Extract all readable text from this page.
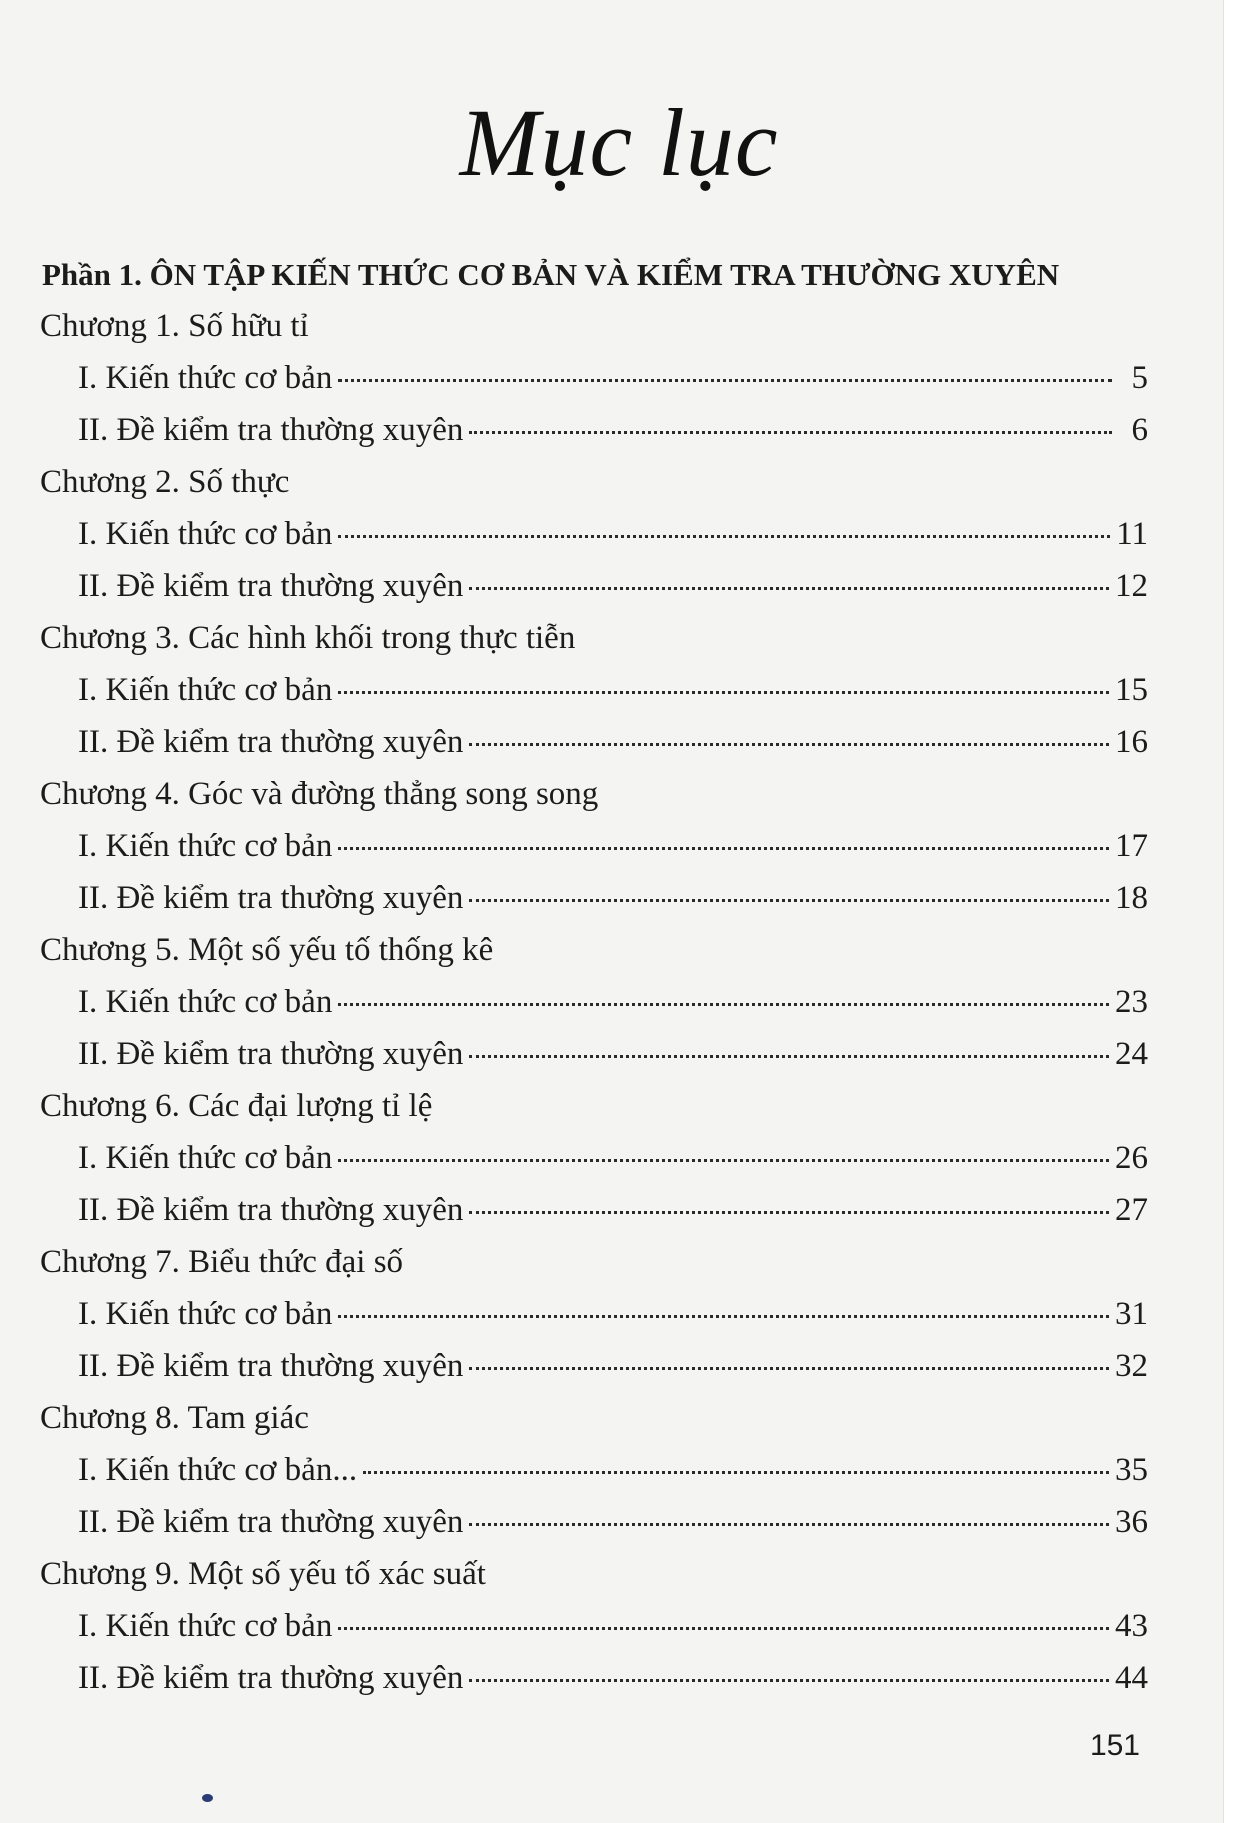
Mục lục
Phần 1. ÔN TẬP KIẾN THỨC CƠ BẢN VÀ KIỂM TRA THƯỜNG XUYÊN
Chương 1. Số hữu tỉ
I. Kiến thức cơ bản	5
II. Đề kiểm tra thường xuyên	6
Chương 2. Số thực
I. Kiến thức cơ bản	11
II. Đề kiểm tra thường xuyên	12
Chương 3. Các hình khối trong thực tiễn
I. Kiến thức cơ bản	15
II. Đề kiểm tra thường xuyên	16
Chương 4. Góc và đường thẳng song song
I. Kiến thức cơ bản	17
II. Đề kiểm tra thường xuyên	18
Chương 5. Một số yếu tố thống kê
I. Kiến thức cơ bản	23
II. Đề kiểm tra thường xuyên	24
Chương 6. Các đại lượng tỉ lệ
I. Kiến thức cơ bản	26
II. Đề kiểm tra thường xuyên	27
Chương 7. Biểu thức đại số
I. Kiến thức cơ bản	31
II. Đề kiểm tra thường xuyên	32
Chương 8. Tam giác
I. Kiến thức cơ bản...	35
II. Đề kiểm tra thường xuyên	36
Chương 9. Một số yếu tố xác suất
I. Kiến thức cơ bản	43
II. Đề kiểm tra thường xuyên	44
151
